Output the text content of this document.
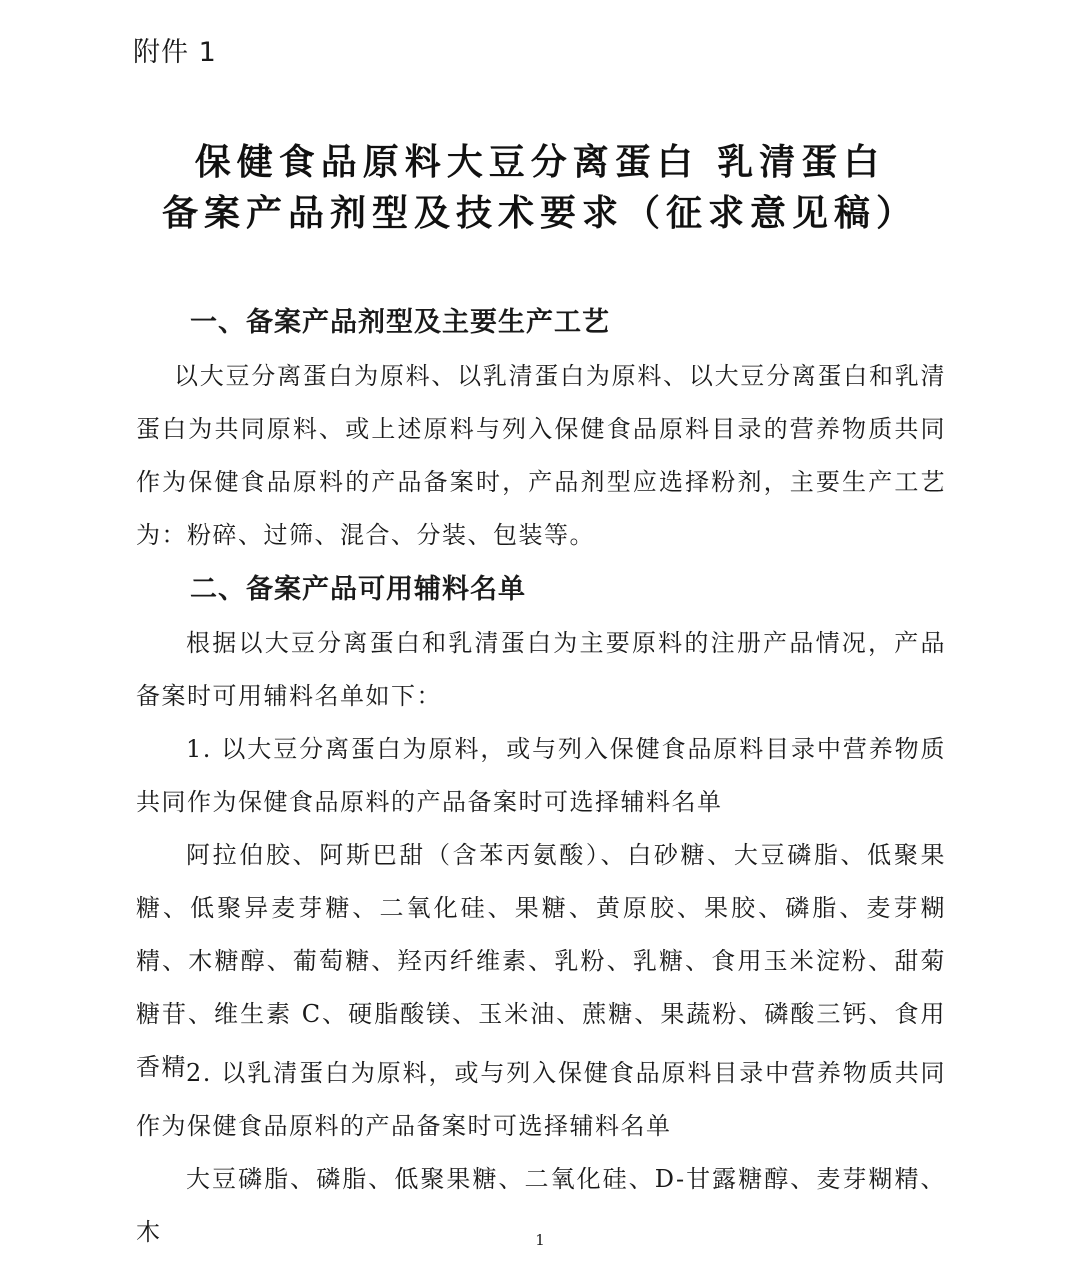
附件 1
保健食品原料大豆分离蛋白 乳清蛋白
备案产品剂型及技术要求（征求意见稿）
一、备案产品剂型及主要生产工艺

以大豆分离蛋白为原料、以乳清蛋白为原料、以大豆分离蛋白和乳清蛋白为共同原料、或上述原料与列入保健食品原料目录的营养物质共同作为保健食品原料的产品备案时，产品剂型应选择粉剂，主要生产工艺为：粉碎、过筛、混合、分装、包装等。

二、备案产品可用辅料名单

根据以大豆分离蛋白和乳清蛋白为主要原料的注册产品情况，产品备案时可用辅料名单如下：

1. 以大豆分离蛋白为原料，或与列入保健食品原料目录中营养物质共同作为保健食品原料的产品备案时可选择辅料名单

阿拉伯胶、阿斯巴甜（含苯丙氨酸）、白砂糖、大豆磷脂、低聚果糖、低聚异麦芽糖、二氧化硅、果糖、黄原胶、果胶、磷脂、麦芽糊精、木糖醇、葡萄糖、羟丙纤维素、乳粉、乳糖、食用玉米淀粉、甜菊糖苷、维生素 C、硬脂酸镁、玉米油、蔗糖、果蔬粉、磷酸三钙、食用香精 2. 以乳清蛋白为原料，或与列入保健食品原料目录中营养物质共同作为保健食品原料的产品备案时可选择辅料名单

大豆磷脂、磷脂、低聚果糖、二氧化硅、D-甘露糖醇、麦芽糊精、木	1
